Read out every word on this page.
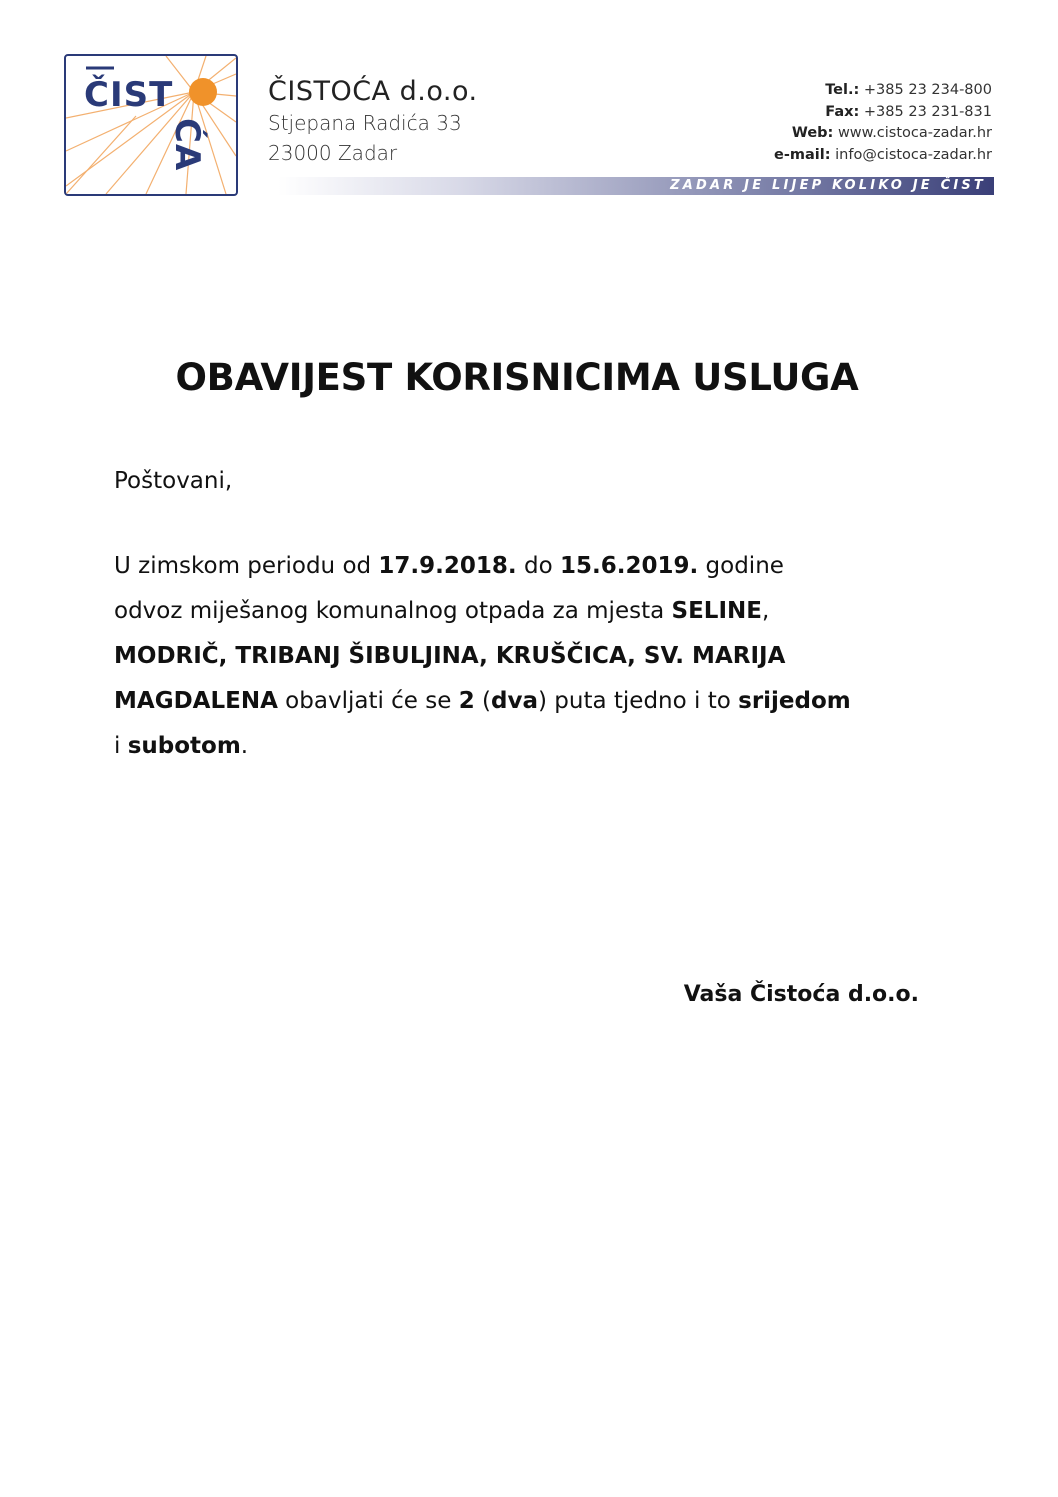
ČIST
ĆA
ČISTOĆA d.o.o.
Stjepana Radića 33
23000 Zadar
Tel.: +385 23 234-800
Fax: +385 23 231-831
Web: www.cistoca-zadar.hr
e-mail: info@cistoca-zadar.hr
ZADAR JE LIJEP KOLIKO JE ČIST
OBAVIJEST KORISNICIMA USLUGA
Poštovani,
U zimskom periodu od 17.9.2018. do 15.6.2019. godine
odvoz miješanog komunalnog otpada za mjesta SELINE,
MODRIČ, TRIBANJ ŠIBULJINA, KRUŠČICA, SV. MARIJA
MAGDALENA obavljati će se 2 (dva) puta tjedno i to srijedom
i subotom.
Vaša Čistoća d.o.o.
